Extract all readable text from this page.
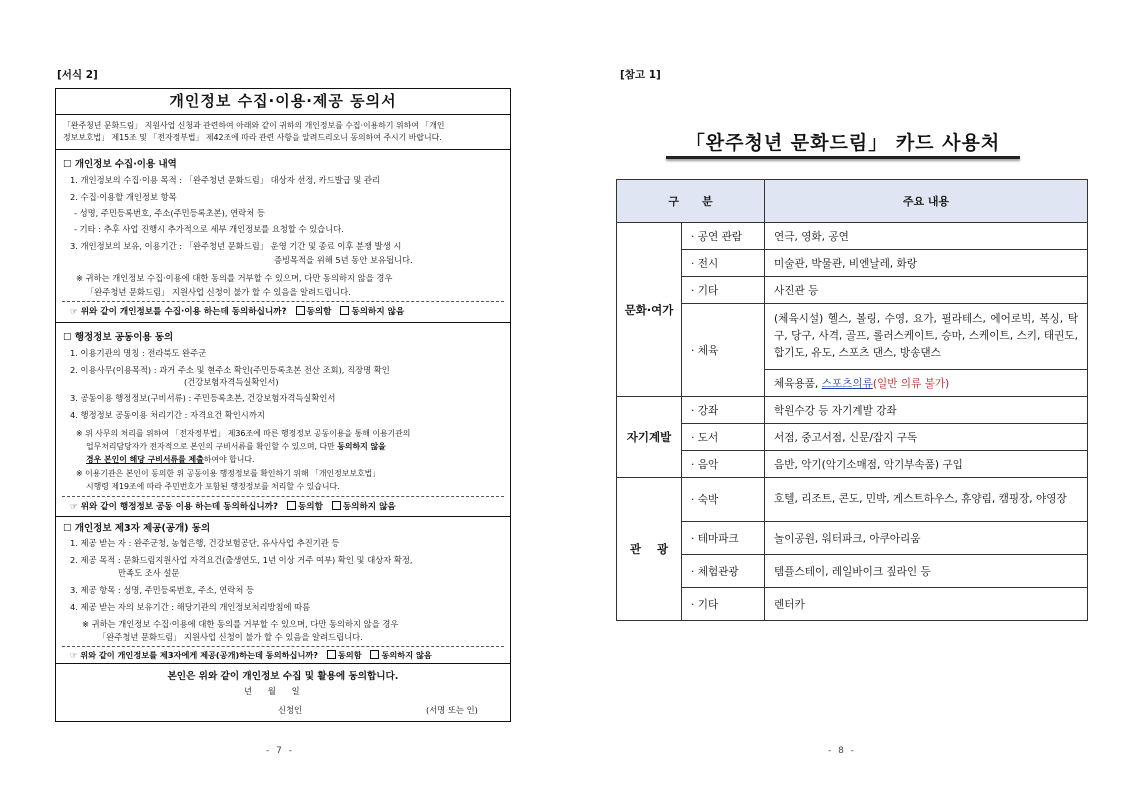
[서식 2]
개인정보 수집·이용·제공 동의서
「완주청년 문화드림」 지원사업 신청과 관련하여 아래와 같이 귀하의 개인정보를 수집·이용하기 위하여 「개인
정보보호법」 제15조 및 「전자정부법」 제42조에 따라 관련 사항을 알려드리오니 동의하여 주시기 바랍니다.
☐ 개인정보 수집·이용 내역
1. 개인정보의 수집·이용 목적 : 「완주청년 문화드림」 대상자 선정, 카드발급 및 관리
2. 수집·이용할 개인정보 항목
- 성명, 주민등록번호, 주소(주민등록초본), 연락처 등
- 기타 : 추후 사업 진행시 추가적으로 세부 개인정보를 요청할 수 있습니다.
3. 개인정보의 보유, 이용기간 : 「완주청년 문화드림」 운영 기간 및 종료 이후 분쟁 발생 시
증빙목적을 위해 5년 동안 보유됩니다.
※ 귀하는 개인정보 수집·이용에 대한 동의를 거부할 수 있으며, 다만 동의하지 않을 경우
「완주청년 문화드림」 지원사업 신청이 불가 할 수 있음을 알려드립니다.
☞ 위와 같이 개인정보를 수집·이용 하는데 동의하십니까? 동의함 동의하지 않음
☐ 행정정보 공동이용 동의
1. 이용기관의 명칭 : 전라북도 완주군
2. 이용사무(이용목적) : 과거 주소 및 현주소 확인(주민등록초본 전산 조회), 직장명 확인
(건강보험자격득실확인서)
3. 공동이용 행정정보(구비서류) : 주민등록초본, 건강보험자격득실확인서
4. 행정정보 공동이용 처리기간 : 자격요건 확인시까지
※ 위 사무의 처리를 위하여 「전자정부법」 제36조에 따른 행정정보 공동이용을 통해 이용기관의
업무처리담당자가 전자적으로 본인의 구비서류를 확인할 수 있으며, 다만 동의하지 않을
경우 본인이 해당 구비서류를 제출하여야 합니다.
※ 이용기관은 본인이 동의한 위 공동이용 행정정보를 확인하기 위해 「개인정보보호법」
시행령 제19조에 따라 주민번호가 포함된 행정정보를 처리할 수 있습니다.
☞ 위와 같이 행정정보 공동 이용 하는데 동의하십니까? 동의함 동의하지 않음
☐ 개인정보 제3자 제공(공개) 동의
1. 제공 받는 자 : 완주군청, 농협은행, 건강보험공단, 유사사업 추진기관 등
2. 제공 목적 : 문화드림지원사업 자격요건(출생연도, 1년 이상 거주 여부) 확인 및 대상자 확정,
만족도 조사 설문
3. 제공 항목 : 성명, 주민등록번호, 주소, 연락처 등
4. 제공 받는 자의 보유기간 : 해당기관의 개인정보처리방침에 따름
※ 귀하는 개인정보 수집·이용에 대한 동의를 거부할 수 있으며, 다만 동의하지 않을 경우
「완주청년 문화드림」 지원사업 신청이 불가 할 수 있음을 알려드립니다.
☞ 위와 같이 개인정보를 제3자에게 제공(공개)하는데 동의하십니까? 동의함 동의하지 않음
본인은 위와 같이 개인정보 수집 및 활용에 동의합니다.
년      월      일
신청인	(서명 또는 인)
- 7 -
[참고 1]
「완주청년 문화드림」 카드 사용처
구      분		주요 내용
문화·여가	· 공연 관람	연극, 영화, 공연
	· 전시	미술관, 박물관, 비엔날레, 화랑
	· 기타	사진관 등
	· 체육	(체육시설) 헬스, 볼링, 수영, 요가, 필라테스, 에어로빅, 복싱, 탁구, 당구, 사격, 골프, 롤러스케이트, 승마, 스케이트, 스키, 태권도, 합기도, 유도, 스포츠 댄스, 방송댄스
		체육용품, 스포츠의류(일반 의류 불가)
자기계발	· 강좌	학원수강 등 자기계발 강좌
	· 도서	서점, 중고서점, 신문/잡지 구독
	· 음악	음반, 악기(악기소매점, 악기부속품) 구입
관    광	· 숙박	호텔, 리조트, 콘도, 민박, 게스트하우스, 휴양림, 캠핑장, 야영장
	· 테마파크	놀이공원, 워터파크, 아쿠아리움
	· 체험관광	템플스테이, 레일바이크 짚라인 등
	· 기타	렌터카
- 8 -
